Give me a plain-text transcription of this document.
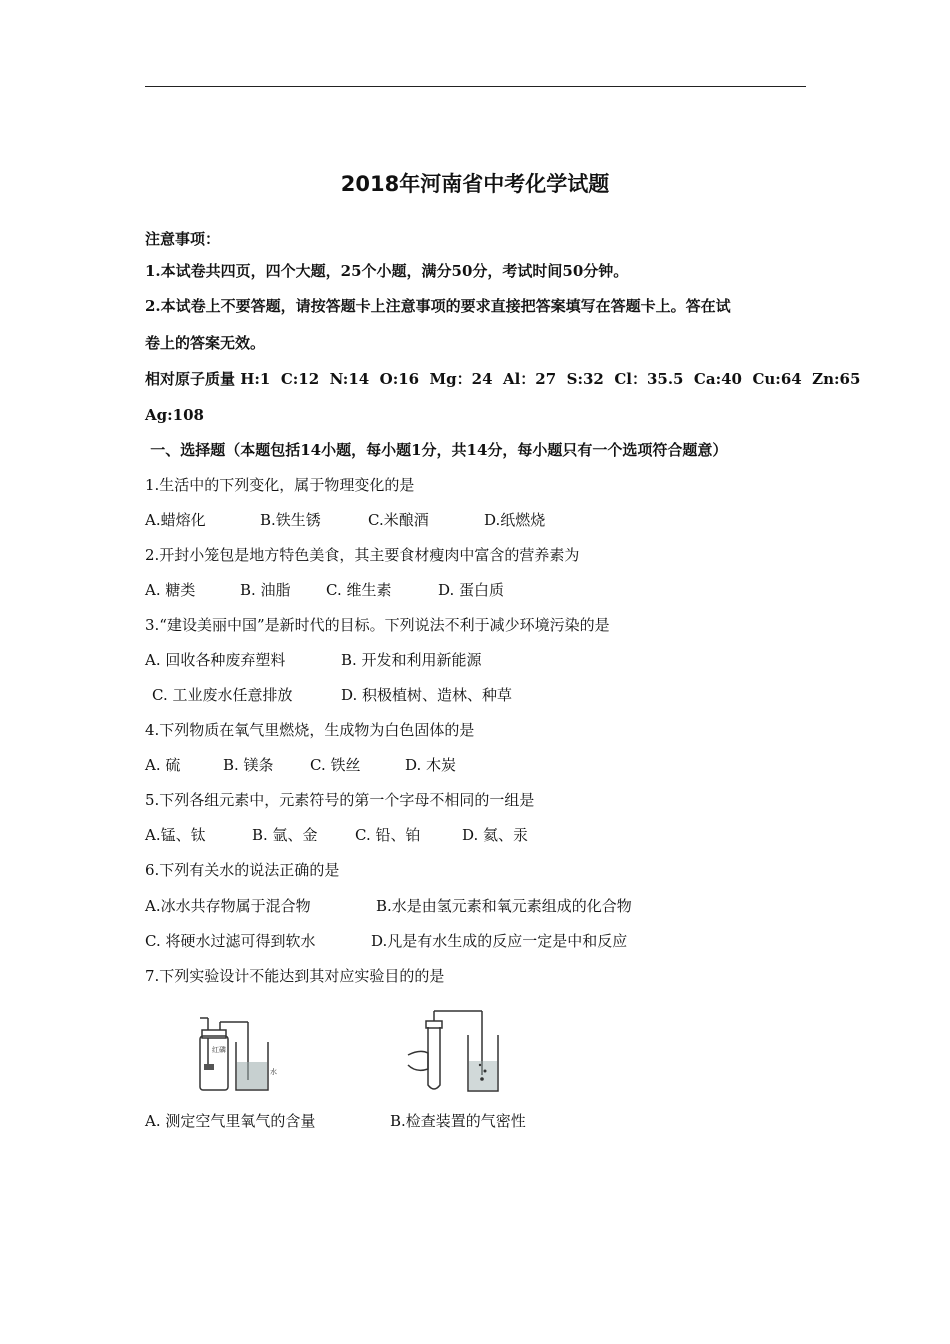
2018年河南省中考化学试题
注意事项：
1.本试卷共四页，四个大题，25个小题，满分50分，考试时间50分钟。
2.本试卷上不要答题，请按答题卡上注意事项的要求直接把答案填写在答题卡上。答在试
卷上的答案无效。
相对原子质量 H:1  C:12  N:14  O:16  Mg：24  Al：27  S:32  Cl：35.5  Ca:40  Cu:64  Zn:65
Ag:108
一、选择题（本题包括14小题，每小题1分，共14分，每小题只有一个选项符合题意）
1.生活中的下列变化，属于物理变化的是
A.蜡熔化	B.铁生锈	C.米酿酒	D.纸燃烧
2.开封小笼包是地方特色美食，其主要食材瘦肉中富含的营养素为
A. 糖类	B. 油脂 C. 维生素	D. 蛋白质
3.“建设美丽中国”是新时代的目标。下列说法不利于减少环境污染的是
A. 回收各种废弃塑料	B. 开发和利用新能源
C. 工业废水任意排放	D. 积极植树、造林、种草
4.下列物质在氧气里燃烧，生成物为白色固体的是
A. 硫	B. 镁条 C. 铁丝	D. 木炭
5.下列各组元素中，元素符号的第一个字母不相同的一组是
A.锰、钛	B. 氩、金 C. 铅、铂	D. 氦、汞
6.下列有关水的说法正确的是
A.冰水共存物属于混合物	B.水是由氢元素和氧元素组成的化合物
C. 将硬水过滤可得到软水	D.凡是有水生成的反应一定是中和反应
7.下列实验设计不能达到其对应实验目的的是
红磷
水
A. 测定空气里氧气的含量	B.检查装置的气密性
